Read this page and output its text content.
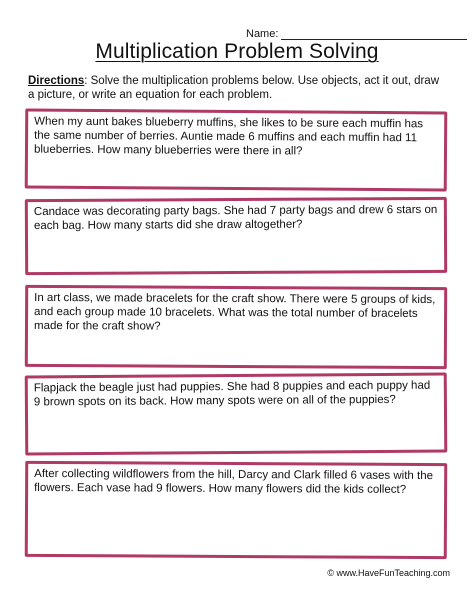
Name:
Multiplication Problem Solving
Directions: Solve the multiplication problems below. Use objects, act it out, draw a picture, or write an equation for each problem.
When my aunt bakes blueberry muffins, she likes to be sure each muffin has the same number of berries. Auntie made 6 muffins and each muffin had 11 blueberries. How many blueberries were there in all?
Candace was decorating party bags. She had 7 party bags and drew 6 stars on each bag. How many starts did she draw altogether?
In art class, we made bracelets for the craft show. There were 5 groups of kids, and each group made 10 bracelets. What was the total number of bracelets made for the craft show?
Flapjack the beagle just had puppies. She had 8 puppies and each puppy had 9 brown spots on its back. How many spots were on all of the puppies?
After collecting wildflowers from the hill, Darcy and Clark filled 6 vases with the flowers. Each vase had 9 flowers. How many flowers did the kids collect?
© www.HaveFunTeaching.com
